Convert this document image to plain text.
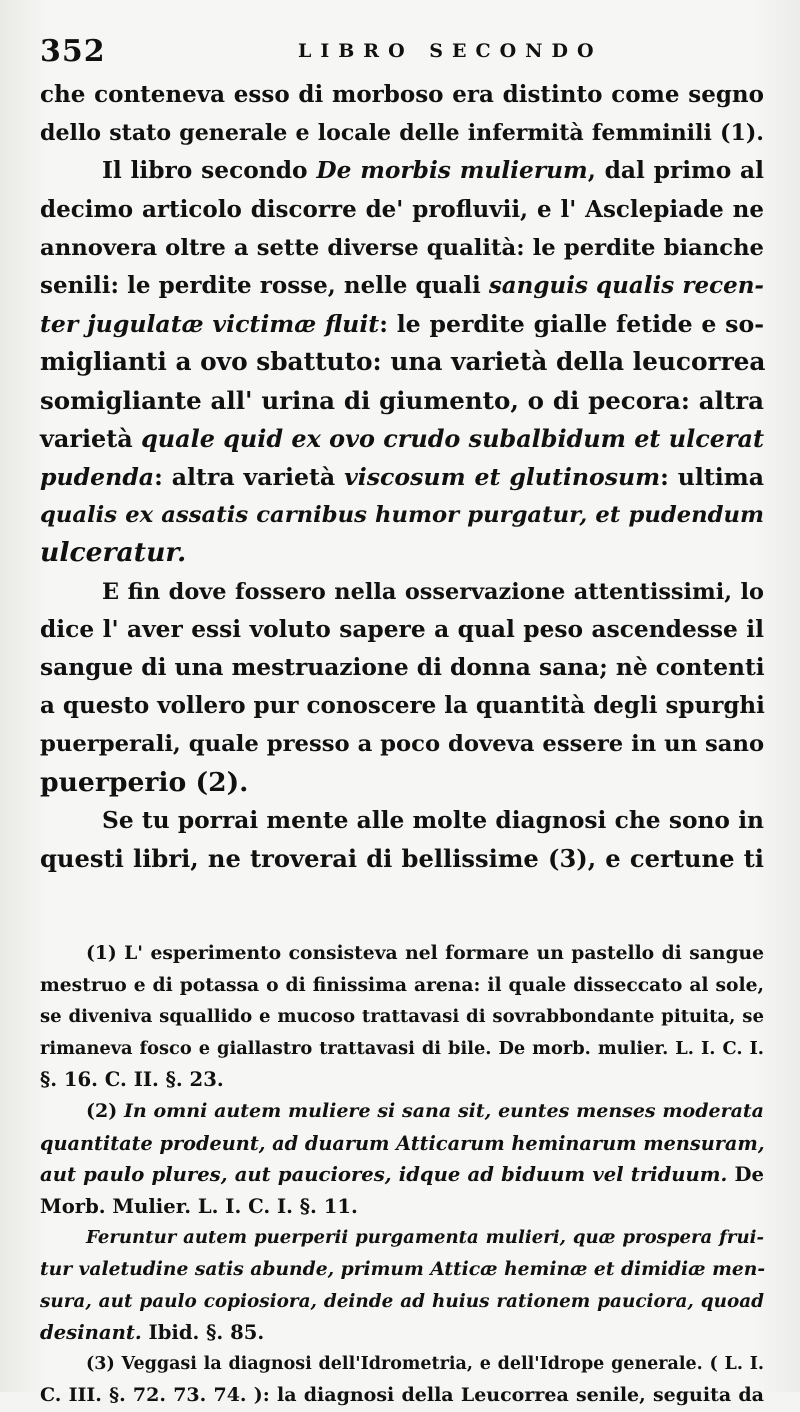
352	LIBRO SECONDO
che conteneva esso di morboso era distinto come segno
dello stato generale e locale delle infermità femminili (1).
Il libro secondo De morbis mulierum, dal primo al
decimo articolo discorre de' profluvii, e l' Asclepiade ne
annovera oltre a sette diverse qualità: le perdite bianche
senili: le perdite rosse, nelle quali sanguis qualis recen-
ter jugulatæ victimæ fluit: le perdite gialle fetide e so-
miglianti a ovo sbattuto: una varietà della leucorrea
somigliante all' urina di giumento, o di pecora: altra
varietà quale quid ex ovo crudo subalbidum et ulcerat
pudenda: altra varietà viscosum et glutinosum: ultima
qualis ex assatis carnibus humor purgatur, et pudendum
ulceratur.
E fin dove fossero nella osservazione attentissimi, lo
dice l' aver essi voluto sapere a qual peso ascendesse il
sangue di una mestruazione di donna sana; nè contenti
a questo vollero pur conoscere la quantità degli spurghi
puerperali, quale presso a poco doveva essere in un sano
puerperio (2).
Se tu porrai mente alle molte diagnosi che sono in
questi libri, ne troverai di bellissime (3), e certune ti
(1) L' esperimento consisteva nel formare un pastello di sangue
mestruo e di potassa o di finissima arena: il quale disseccato al sole,
se diveniva squallido e mucoso trattavasi di sovrabbondante pituita, se
rimaneva fosco e giallastro trattavasi di bile. De morb. mulier. L. I. C. I.
§. 16. C. II. §. 23.
(2) In omni autem muliere si sana sit, euntes menses moderata
quantitate prodeunt, ad duarum Atticarum heminarum mensuram,
aut paulo plures, aut pauciores, idque ad biduum vel triduum. De
Morb. Mulier. L. I. C. I. §. 11.
Feruntur autem puerperii purgamenta mulieri, quæ prospera frui-
tur valetudine satis abunde, primum Atticæ heminæ et dimidiæ men-
sura, aut paulo copiosiora, deinde ad huius rationem pauciora, quoad
desinant. Ibid. §. 85.
(3) Veggasi la diagnosi dell'Idrometria, e dell'Idrope generale. ( L. I.
C. III. §. 72. 73. 74. ): la diagnosi della Leucorrea senile, seguita da
